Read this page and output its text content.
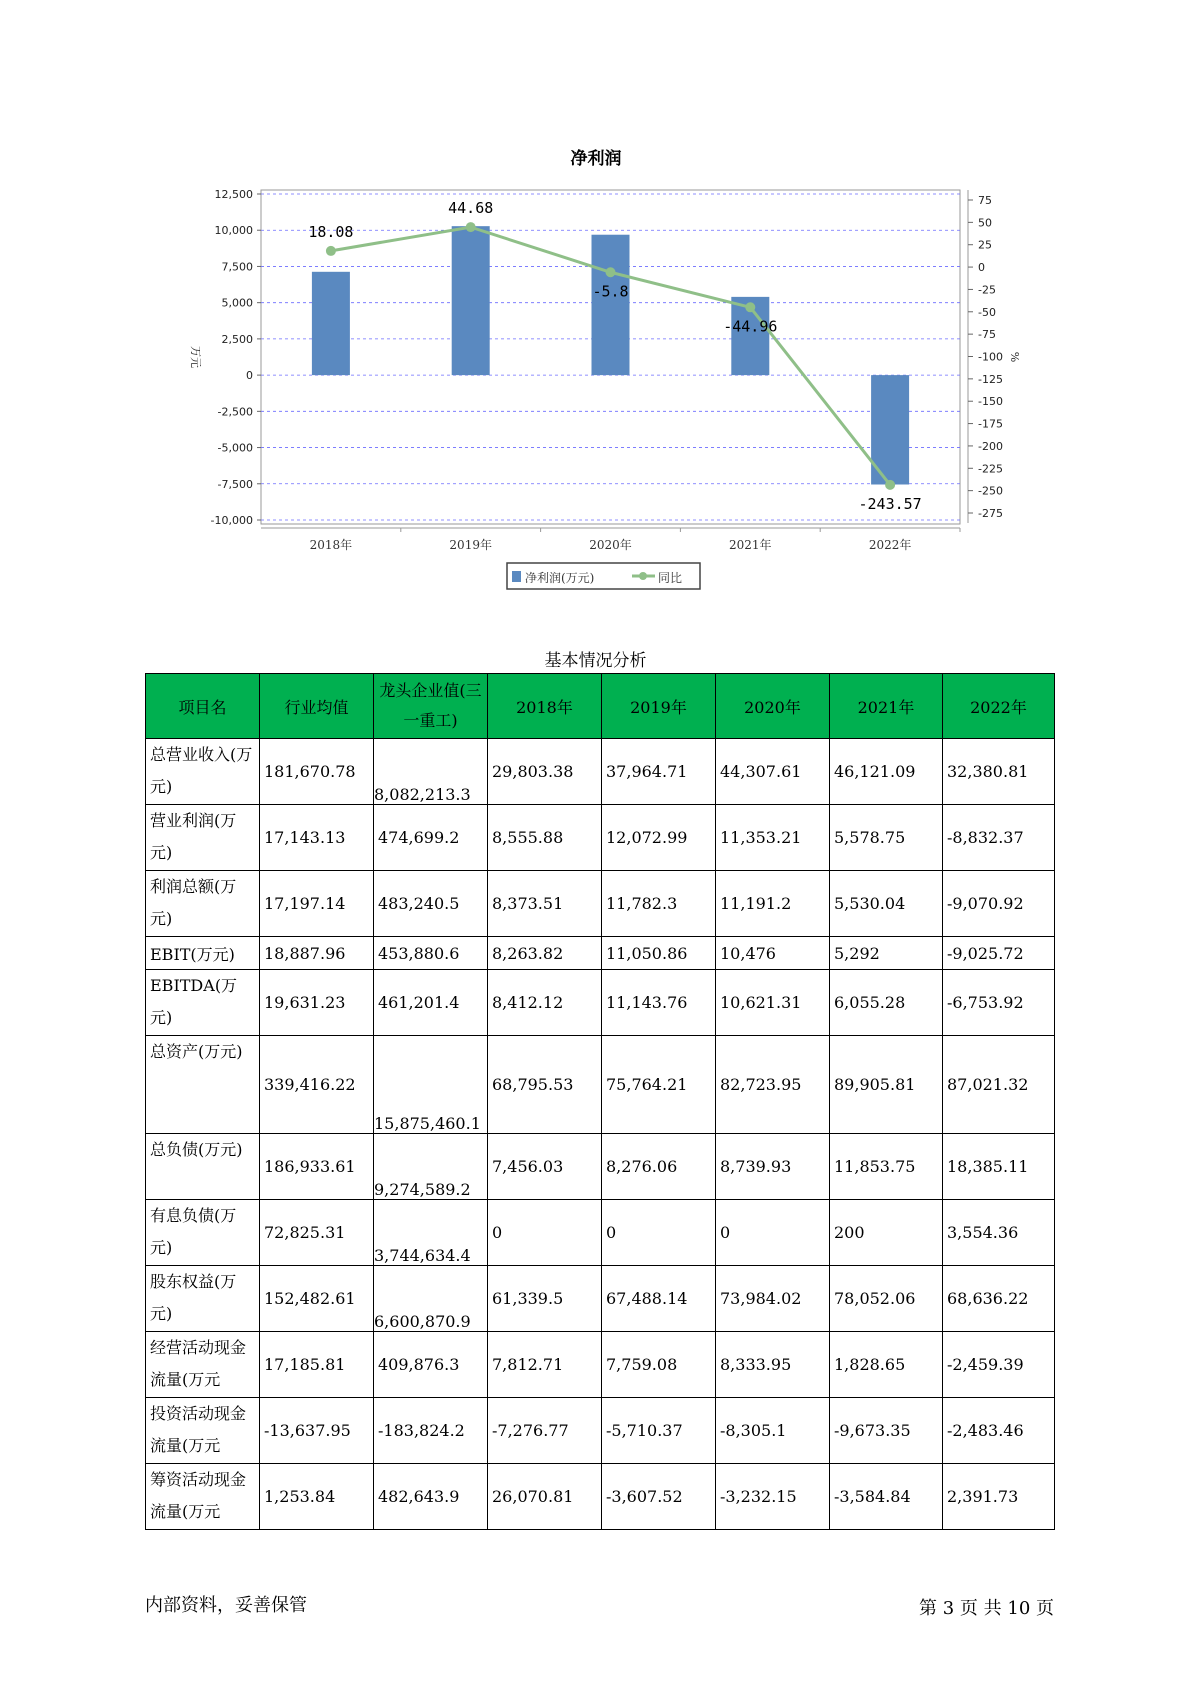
净利润
12,500
10,000
7,500
5,000
2,500
0
-2,500
-5,000
-7,500
-10,000
万元
75
50
25
0
-25
-50
-75
-100
-125
-150
-175
-200
-225
-250
-275
%
2018年	2019年	2020年	2021年	2022年
18.08
44.68
-5.8
-44.96
-243.57
净利润(万元)	同比
基本情况分析
项目名	行业均值	龙头企业值(三一重工)	2018年	2019年	2020年	2021年	2022年
总营业收入(万元)	181,670.78	8,082,213.3	29,803.38	37,964.71	44,307.61	46,121.09	32,380.81
营业利润(万元)	17,143.13	474,699.2	8,555.88	12,072.99	11,353.21	5,578.75	-8,832.37
利润总额(万元)	17,197.14	483,240.5	8,373.51	11,782.3	11,191.2	5,530.04	-9,070.92
EBIT(万元)	18,887.96	453,880.6	8,263.82	11,050.86	10,476	5,292	-9,025.72
EBITDA(万元)	19,631.23	461,201.4	8,412.12	11,143.76	10,621.31	6,055.28	-6,753.92
总资产(万元)	339,416.22	15,875,460.1	68,795.53	75,764.21	82,723.95	89,905.81	87,021.32
总负债(万元)	186,933.61	9,274,589.2	7,456.03	8,276.06	8,739.93	11,853.75	18,385.11
有息负债(万元)	72,825.31	3,744,634.4	0	0	0	200	3,554.36
股东权益(万元)	152,482.61	6,600,870.9	61,339.5	67,488.14	73,984.02	78,052.06	68,636.22
经营活动现金流量(万元	17,185.81	409,876.3	7,812.71	7,759.08	8,333.95	1,828.65	-2,459.39
投资活动现金流量(万元	-13,637.95	-183,824.2	-7,276.77	-5,710.37	-8,305.1	-9,673.35	-2,483.46
筹资活动现金流量(万元	1,253.84	482,643.9	26,070.81	-3,607.52	-3,232.15	-3,584.84	2,391.73
内部资料，妥善保管	第 3 页 共 10 页
